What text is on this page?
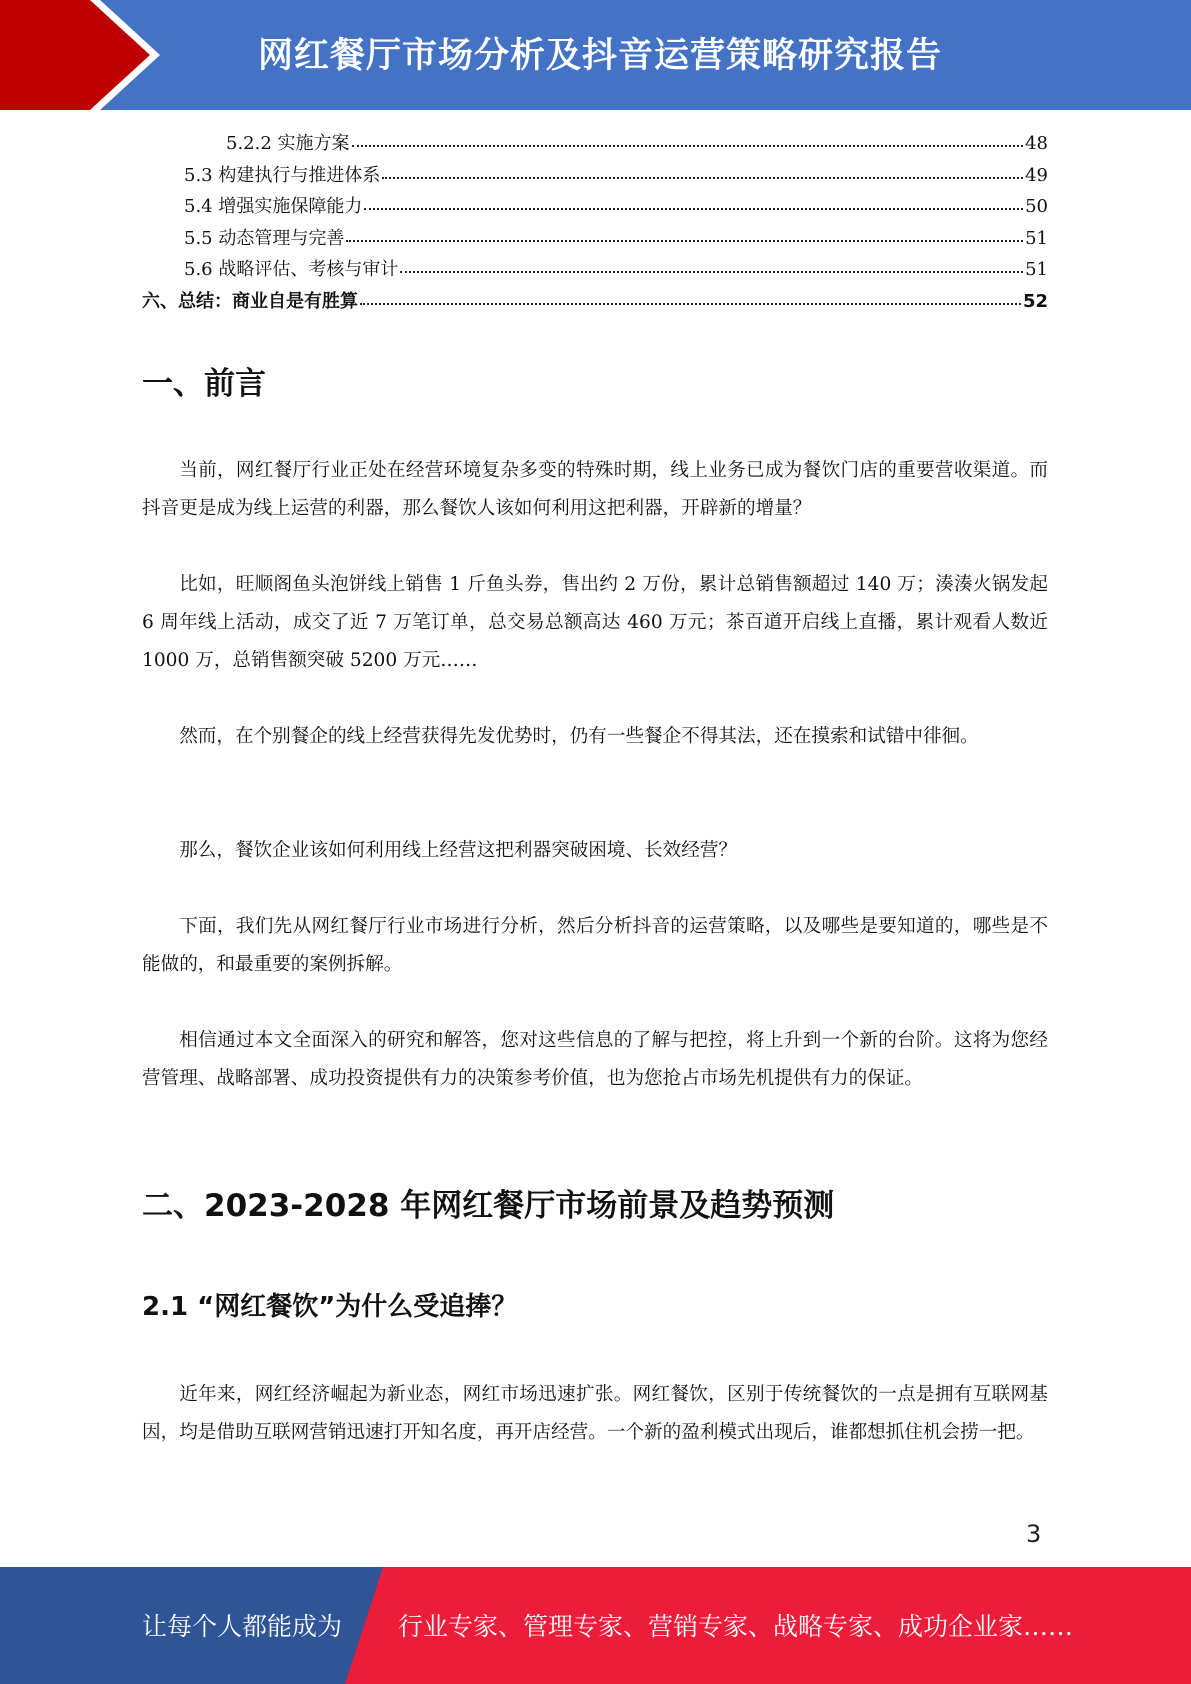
网红餐厅市场分析及抖音运营策略研究报告
5.2.2 实施方案	48
5.3 构建执行与推进体系	49
5.4 增强实施保障能力	50
5.5 动态管理与完善	51
5.6 战略评估、考核与审计	51
六、总结：商业自是有胜算	52
一、前言
当前，网红餐厅行业正处在经营环境复杂多变的特殊时期，线上业务已成为餐饮门店的重要营收渠道。而抖音更是成为线上运营的利器，那么餐饮人该如何利用这把利器，开辟新的增量？
比如，旺顺阁鱼头泡饼线上销售 1 斤鱼头券，售出约 2 万份，累计总销售额超过 140 万；湊湊火锅发起 6 周年线上活动，成交了近 7 万笔订单，总交易总额高达 460 万元；茶百道开启线上直播，累计观看人数近 1000 万，总销售额突破 5200 万元……
然而，在个别餐企的线上经营获得先发优势时，仍有一些餐企不得其法，还在摸索和试错中徘徊。
那么，餐饮企业该如何利用线上经营这把利器突破困境、长效经营？
下面，我们先从网红餐厅行业市场进行分析，然后分析抖音的运营策略，以及哪些是要知道的，哪些是不能做的，和最重要的案例拆解。
相信通过本文全面深入的研究和解答，您对这些信息的了解与把控，将上升到一个新的台阶。这将为您经营管理、战略部署、成功投资提供有力的决策参考价值，也为您抢占市场先机提供有力的保证。
二、2023-2028 年网红餐厅市场前景及趋势预测
2.1 “网红餐饮”为什么受追捧？
近年来，网红经济崛起为新业态，网红市场迅速扩张。网红餐饮，区别于传统餐饮的一点是拥有互联网基因，均是借助互联网营销迅速打开知名度，再开店经营。一个新的盈利模式出现后，谁都想抓住机会捞一把。
3
让每个人都能成为 行业专家、管理专家、营销专家、战略专家、成功企业家……
